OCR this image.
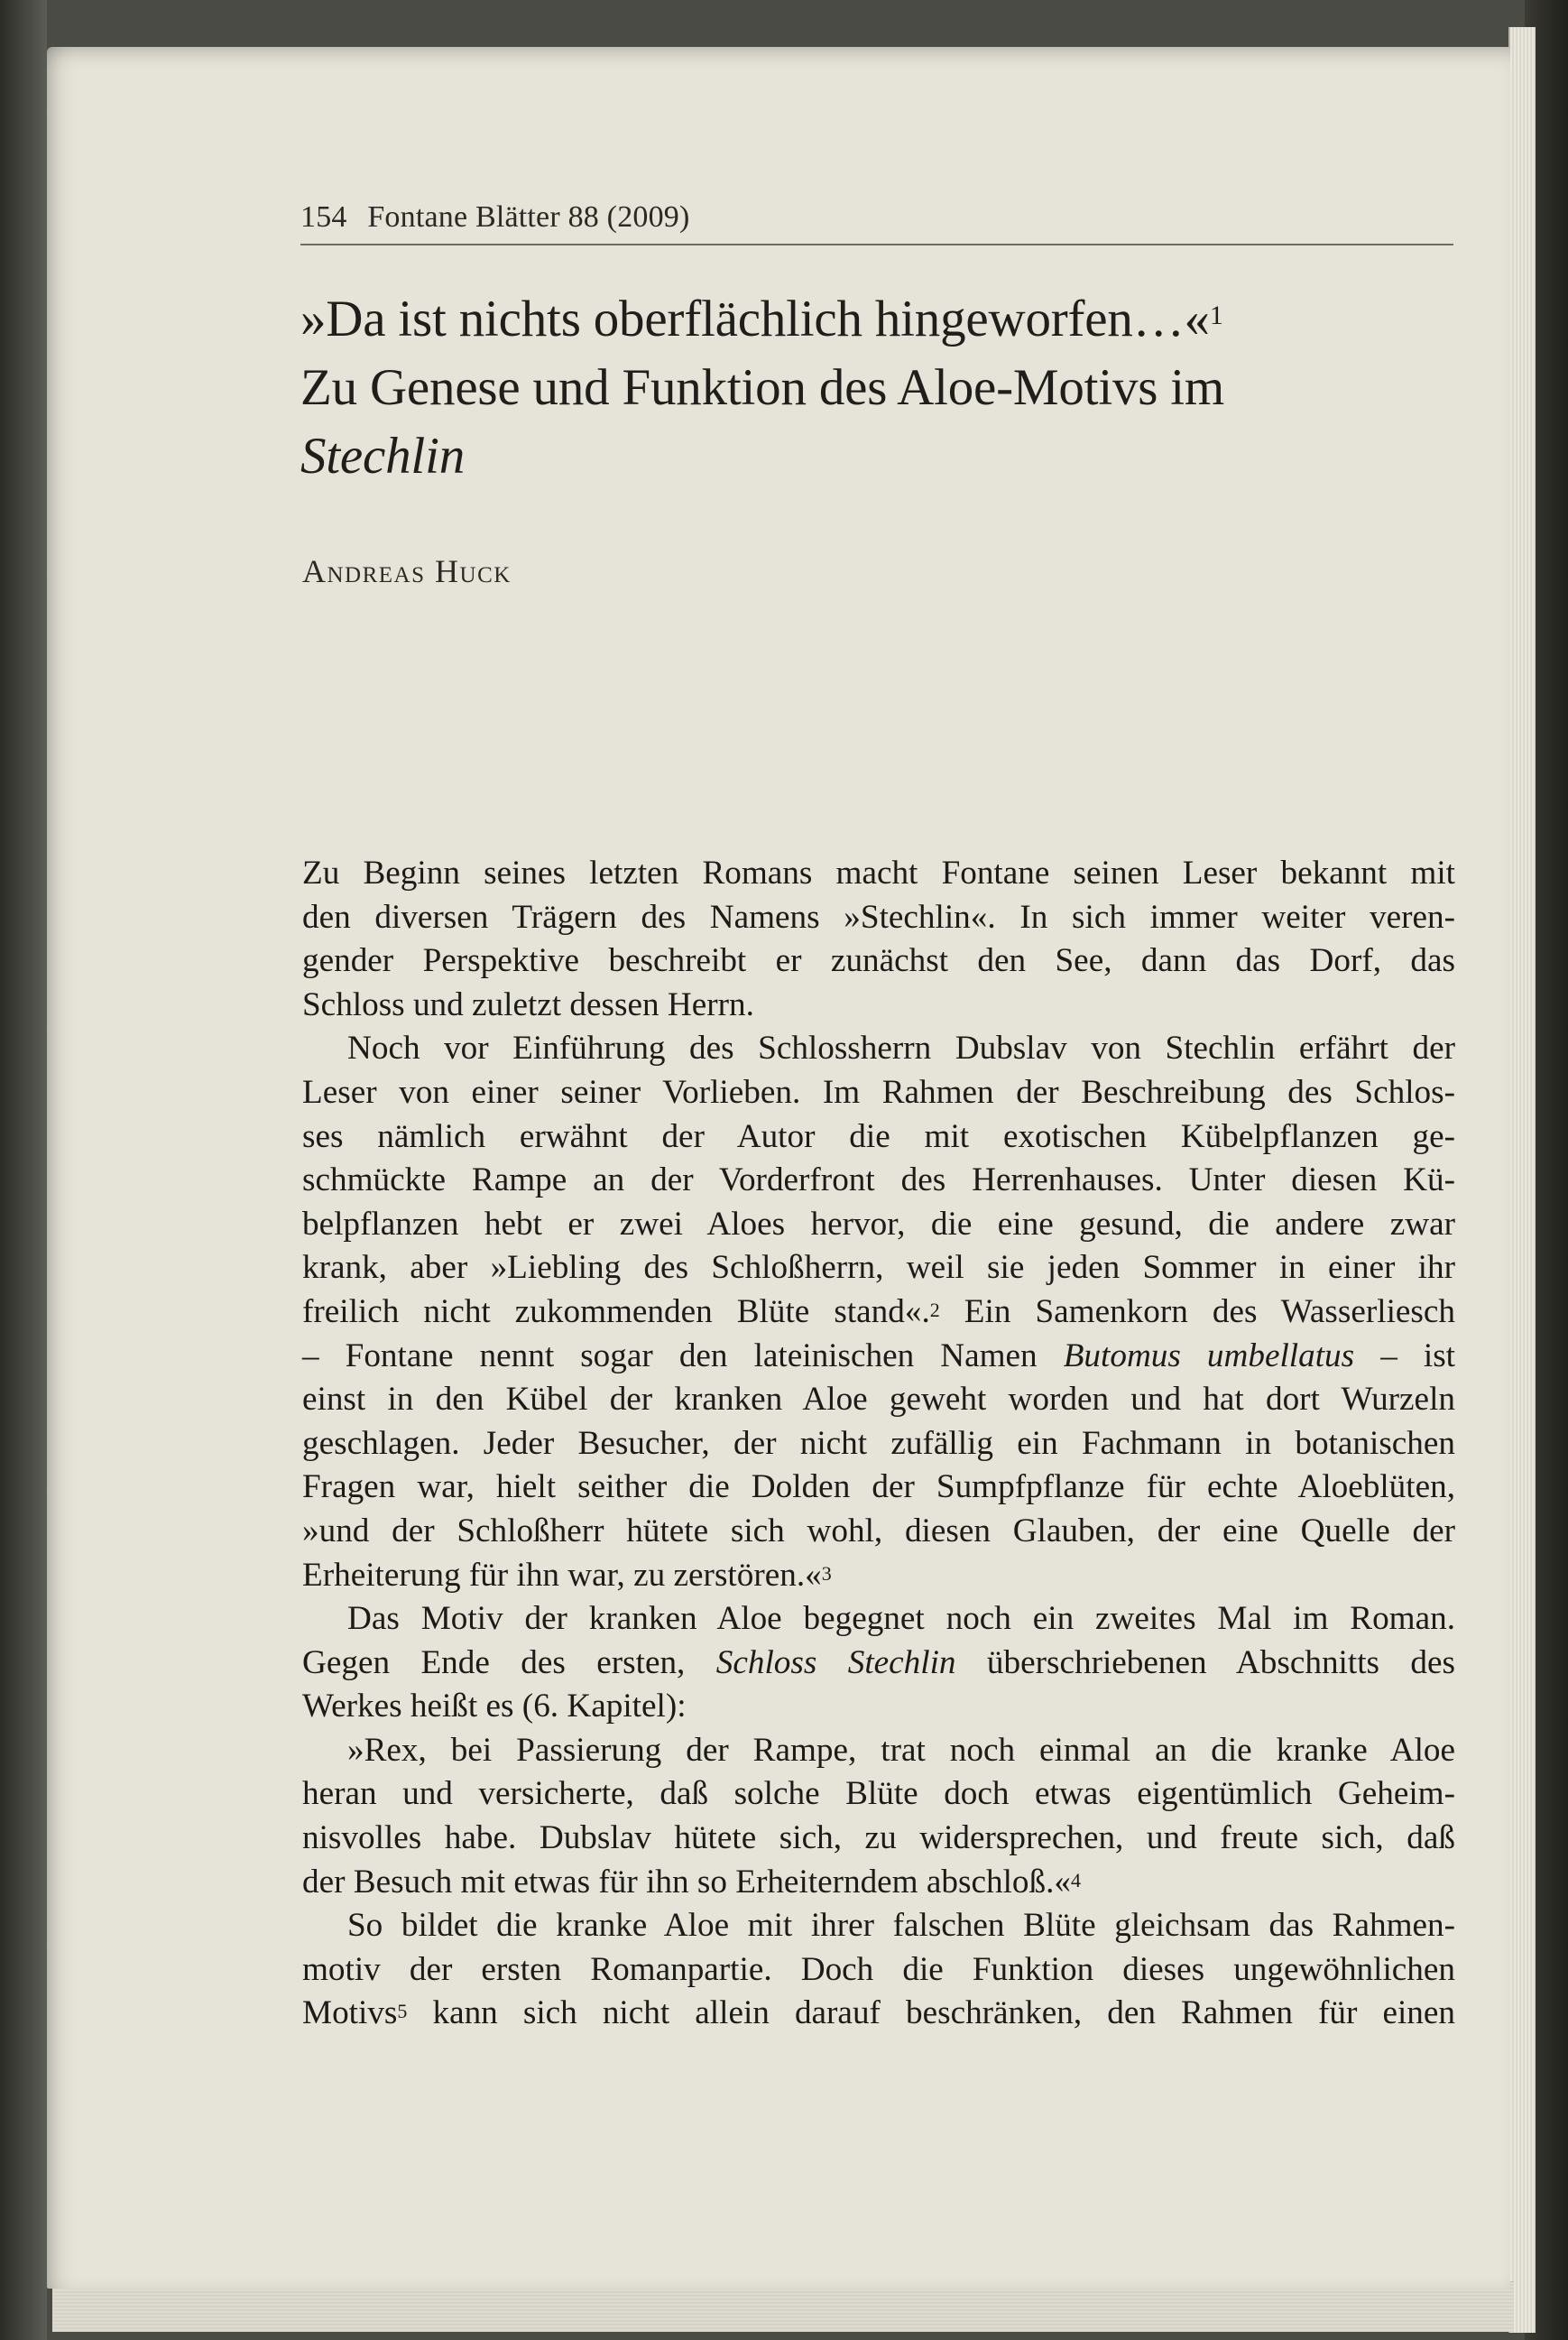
154 Fontane Blätter 88 (2009)
»Da ist nichts oberflächlich hingeworfen…«$^1$
Zu Genese und Funktion des Aloe-Motivs im
Stechlin
Andreas Huck
Zu Beginn seines letzten Romans macht Fontane seinen Leser bekannt mit
den diversen Trägern des Namens »Stechlin«. In sich immer weiter veren-
gender Perspektive beschreibt er zunächst den See, dann das Dorf, das
Schloss und zuletzt dessen Herrn.
Noch vor Einführung des Schlossherrn Dubslav von Stechlin erfährt der
Leser von einer seiner Vorlieben. Im Rahmen der Beschreibung des Schlos-
ses nämlich erwähnt der Autor die mit exotischen Kübelpflanzen ge-
schmückte Rampe an der Vorderfront des Herrenhauses. Unter diesen Kü-
belpflanzen hebt er zwei Aloes hervor, die eine gesund, die andere zwar
krank, aber »Liebling des Schloßherrn, weil sie jeden Sommer in einer ihr
freilich nicht zukommenden Blüte stand«.$^2$ Ein Samenkorn des Wasserliesch
– Fontane nennt sogar den lateinischen Namen Butomus umbellatus – ist
einst in den Kübel der kranken Aloe geweht worden und hat dort Wurzeln
geschlagen. Jeder Besucher, der nicht zufällig ein Fachmann in botanischen
Fragen war, hielt seither die Dolden der Sumpfpflanze für echte Aloeblüten,
»und der Schloßherr hütete sich wohl, diesen Glauben, der eine Quelle der
Erheiterung für ihn war, zu zerstören.«$^3$
Das Motiv der kranken Aloe begegnet noch ein zweites Mal im Roman.
Gegen Ende des ersten, Schloss Stechlin überschriebenen Abschnitts des
Werkes heißt es (6. Kapitel):
»Rex, bei Passierung der Rampe, trat noch einmal an die kranke Aloe
heran und versicherte, daß solche Blüte doch etwas eigentümlich Geheim-
nisvolles habe. Dubslav hütete sich, zu widersprechen, und freute sich, daß
der Besuch mit etwas für ihn so Erheiterndem abschloß.«$^4$
So bildet die kranke Aloe mit ihrer falschen Blüte gleichsam das Rahmen-
motiv der ersten Romanpartie. Doch die Funktion dieses ungewöhnlichen
Motivs$^5$ kann sich nicht allein darauf beschränken, den Rahmen für einen
